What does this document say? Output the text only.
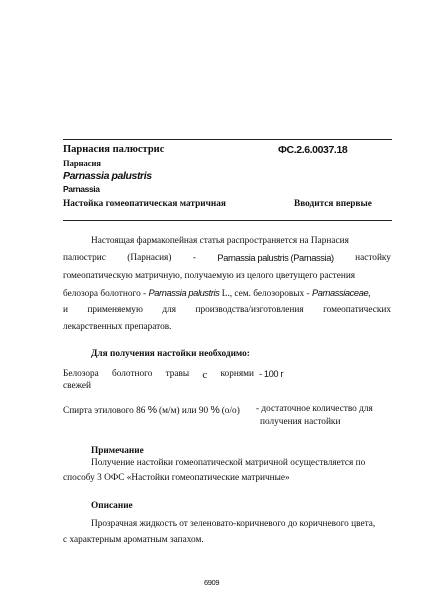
Парнасия палюстрис	ФС.2.6.0037.18
Парнасия
Parnassia palustris
Parnassia
Настойка гомеопатическая матричная	Вводится впервые
Настоящая фармакопейная статья распространяется на Парнасия
палюстрис (Парнасия) - Parnassia palustris (Parnassia) настойку
гомеопатическую матричную, получаемую из целого цветущего растения
белозора болотного - Parnassia palustris L., сем. белозоровых - Parnassiaceae,
и применяемую для производства/изготовления гомеопатических
лекарственных препаратов.
Для получения настойки необходимо:
Белозора болотного травы с корнями - 100 г
свежей
Спирта этилового 86 % (м/м) или 90 % (о/о) - достаточное количество для
получения настойки
Примечание
Получение настойки гомеопатической матричной осуществляется по
способу 3 ОФС «Настойки гомеопатические матричные»
Описание
Прозрачная жидкость от зеленовато-коричневого до коричневого цвета,
с характерным ароматным запахом.
6909
